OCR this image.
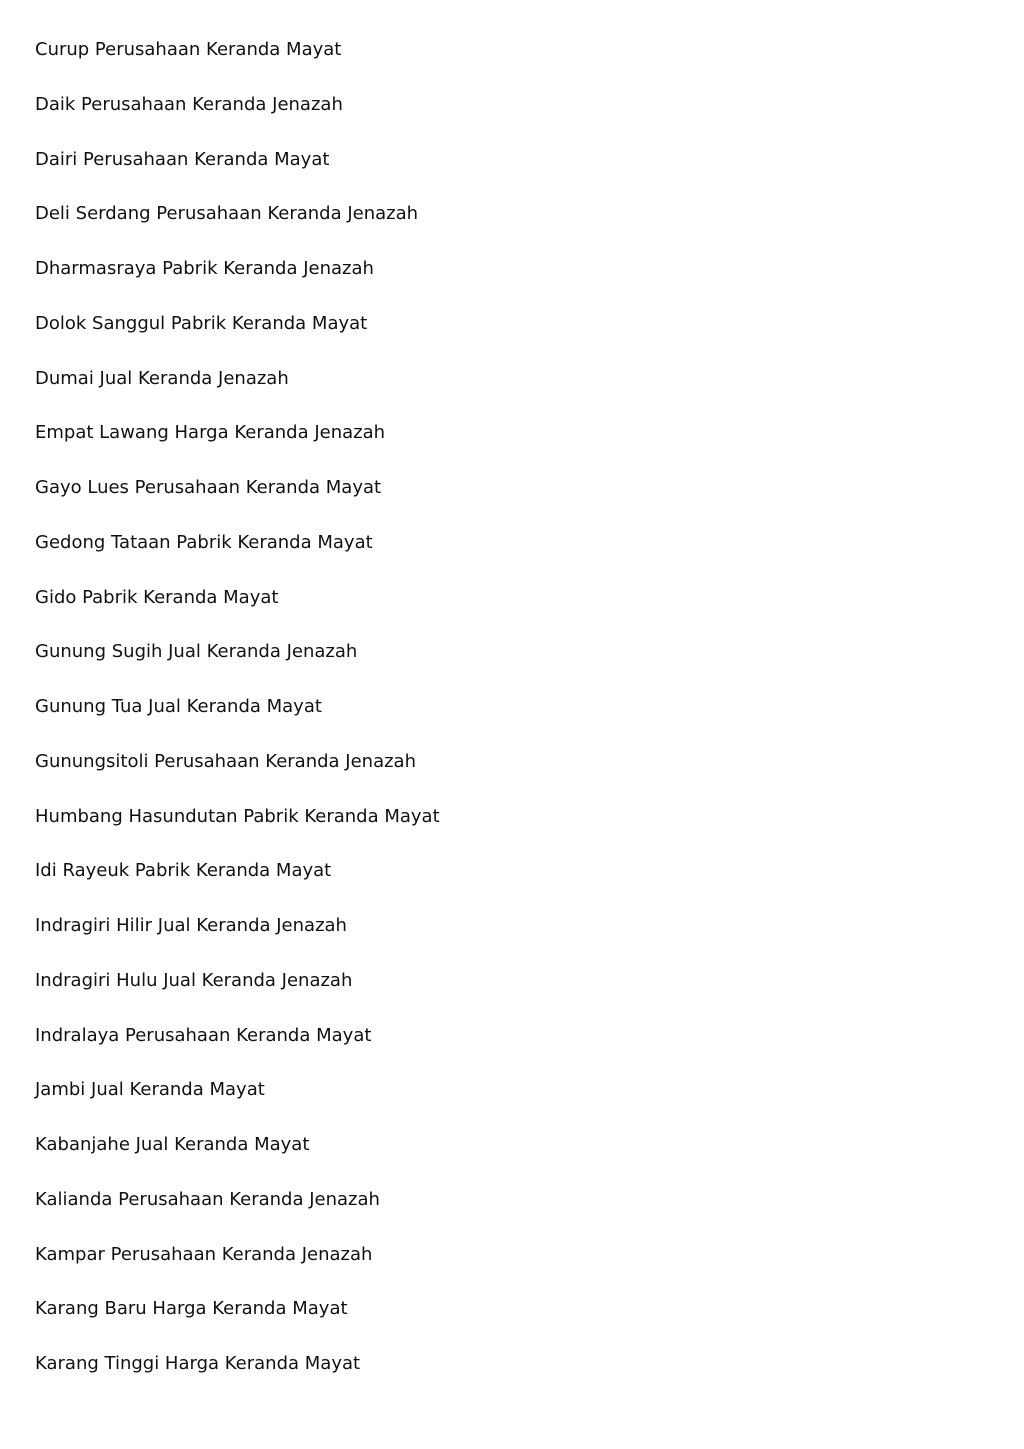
Curup Perusahaan Keranda Mayat
Daik Perusahaan Keranda Jenazah
Dairi Perusahaan Keranda Mayat
Deli Serdang Perusahaan Keranda Jenazah
Dharmasraya Pabrik Keranda Jenazah
Dolok Sanggul Pabrik Keranda Mayat
Dumai Jual Keranda Jenazah
Empat Lawang Harga Keranda Jenazah
Gayo Lues Perusahaan Keranda Mayat
Gedong Tataan Pabrik Keranda Mayat
Gido Pabrik Keranda Mayat
Gunung Sugih Jual Keranda Jenazah
Gunung Tua Jual Keranda Mayat
Gunungsitoli Perusahaan Keranda Jenazah
Humbang Hasundutan Pabrik Keranda Mayat
Idi Rayeuk Pabrik Keranda Mayat
Indragiri Hilir Jual Keranda Jenazah
Indragiri Hulu Jual Keranda Jenazah
Indralaya Perusahaan Keranda Mayat
Jambi Jual Keranda Mayat
Kabanjahe Jual Keranda Mayat
Kalianda Perusahaan Keranda Jenazah
Kampar Perusahaan Keranda Jenazah
Karang Baru Harga Keranda Mayat
Karang Tinggi Harga Keranda Mayat
